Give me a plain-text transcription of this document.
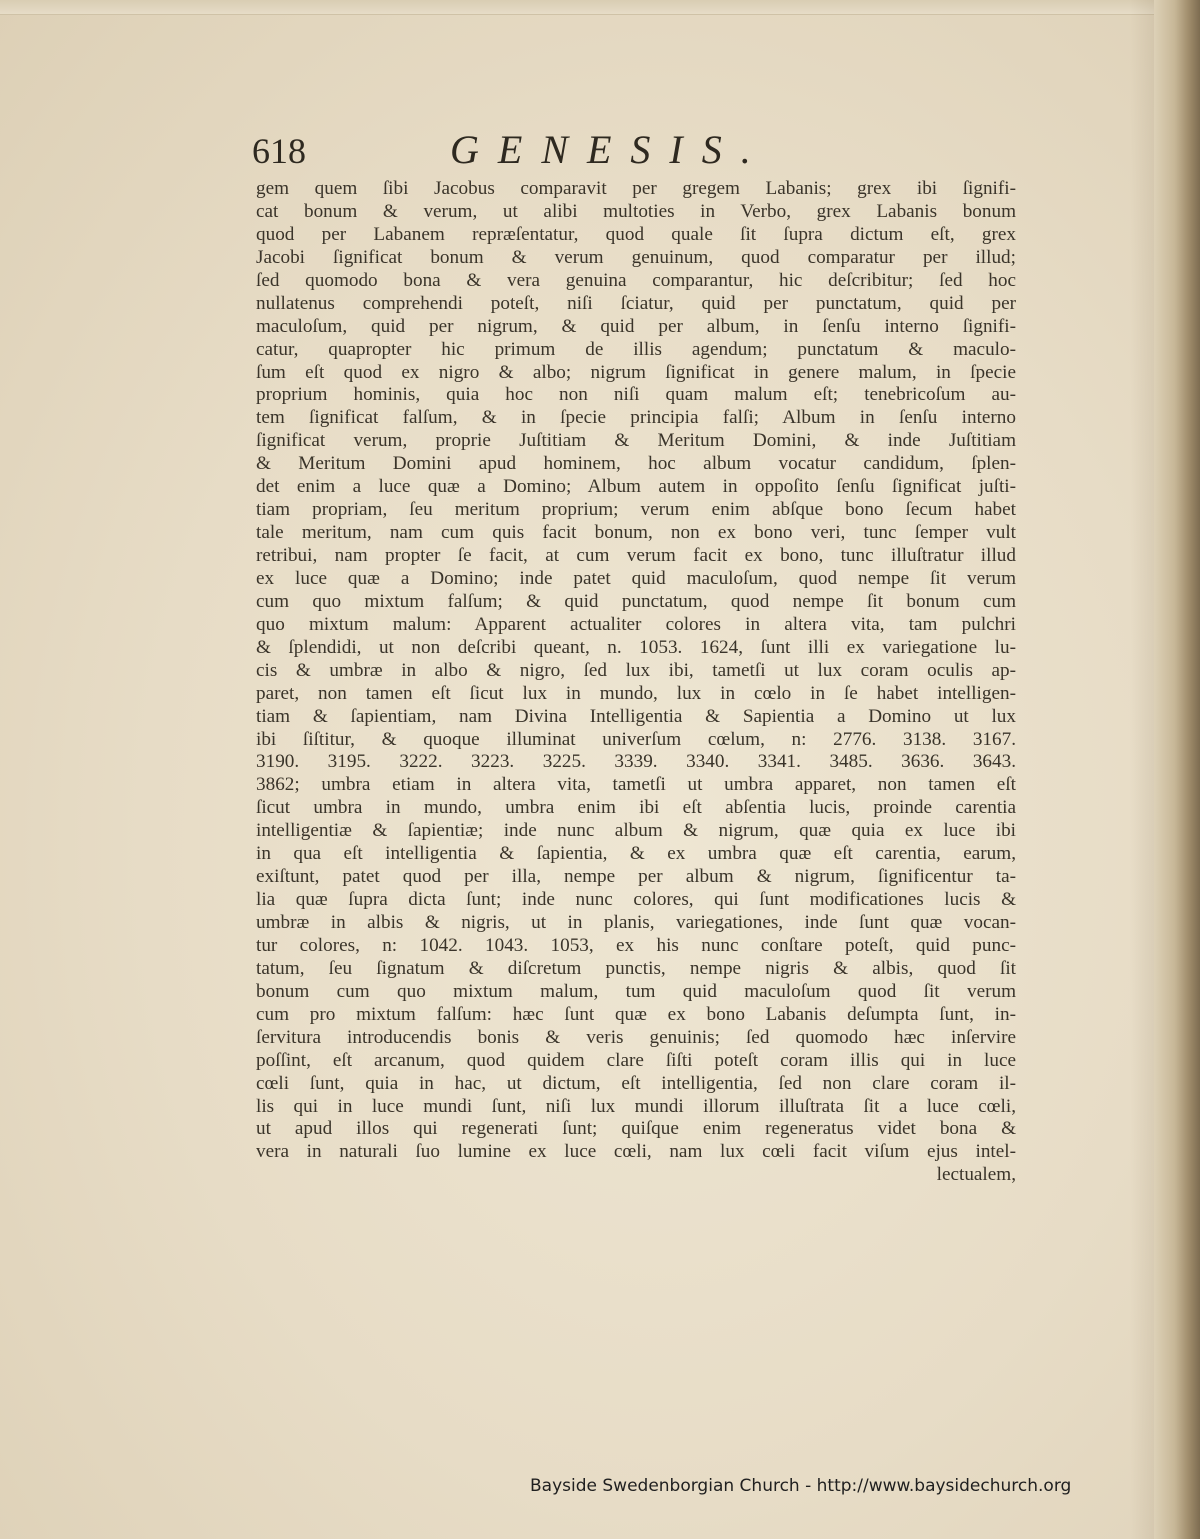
618	GENESIS.
gem quem ſibi Jacobus comparavit per gregem Labanis; grex ibi ſignifi-
cat bonum & verum, ut alibi multoties in Verbo, grex Labanis bonum
quod per Labanem repræſentatur, quod quale ſit ſupra dictum eſt, grex
Jacobi ſignificat bonum & verum genuinum, quod comparatur per illud;
ſed quomodo bona & vera genuina comparantur, hic deſcribitur; ſed hoc
nullatenus comprehendi poteſt, niſi ſciatur, quid per punctatum, quid per
maculoſum, quid per nigrum, & quid per album, in ſenſu interno ſignifi-
catur, quapropter hic primum de illis agendum; punctatum & maculo-
ſum eſt quod ex nigro & albo; nigrum ſignificat in genere malum, in ſpecie
proprium hominis, quia hoc non niſi quam malum eſt; tenebricoſum au-
tem ſignificat falſum, & in ſpecie principia falſi; Album in ſenſu interno
ſignificat verum, proprie Juſtitiam & Meritum Domini, & inde Juſtitiam
& Meritum Domini apud hominem, hoc album vocatur candidum, ſplen-
det enim a luce quæ a Domino; Album autem in oppoſito ſenſu ſignificat juſti-
tiam propriam, ſeu meritum proprium; verum enim abſque bono ſecum habet
tale meritum, nam cum quis facit bonum, non ex bono veri, tunc ſemper vult
retribui, nam propter ſe facit, at cum verum facit ex bono, tunc illuſtratur illud
ex luce quæ a Domino; inde patet quid maculoſum, quod nempe ſit verum
cum quo mixtum falſum; & quid punctatum, quod nempe ſit bonum cum
quo mixtum malum: Apparent actualiter colores in altera vita, tam pulchri
& ſplendidi, ut non deſcribi queant, n. 1053. 1624, ſunt illi ex variegatione lu-
cis & umbræ in albo & nigro, ſed lux ibi, tametſi ut lux coram oculis ap-
paret, non tamen eſt ſicut lux in mundo, lux in cœlo in ſe habet intelligen-
tiam & ſapientiam, nam Divina Intelligentia & Sapientia a Domino ut lux
ibi ſiſtitur, & quoque illuminat univerſum cœlum, n: 2776. 3138. 3167.
3190. 3195. 3222. 3223. 3225. 3339. 3340. 3341. 3485. 3636. 3643.
3862; umbra etiam in altera vita, tametſi ut umbra apparet, non tamen eſt
ſicut umbra in mundo, umbra enim ibi eſt abſentia lucis, proinde carentia
intelligentiæ & ſapientiæ; inde nunc album & nigrum, quæ quia ex luce ibi
in qua eſt intelligentia & ſapientia, & ex umbra quæ eſt carentia, earum,
exiſtunt, patet quod per illa, nempe per album & nigrum, ſignificentur ta-
lia quæ ſupra dicta ſunt; inde nunc colores, qui ſunt modificationes lucis &
umbræ in albis & nigris, ut in planis, variegationes, inde ſunt quæ vocan-
tur colores, n: 1042. 1043. 1053, ex his nunc conſtare poteſt, quid punc-
tatum, ſeu ſignatum & diſcretum punctis, nempe nigris & albis, quod ſit
bonum cum quo mixtum malum, tum quid maculoſum quod ſit verum
cum pro mixtum falſum: hæc ſunt quæ ex bono Labanis deſumpta ſunt, in-
ſervitura introducendis bonis & veris genuinis; ſed quomodo hæc inſervire
poſſint, eſt arcanum, quod quidem clare ſiſti poteſt coram illis qui in luce
cœli ſunt, quia in hac, ut dictum, eſt intelligentia, ſed non clare coram il-
lis qui in luce mundi ſunt, niſi lux mundi illorum illuſtrata ſit a luce cœli,
ut apud illos qui regenerati ſunt; quiſque enim regeneratus videt bona &
vera in naturali ſuo lumine ex luce cœli, nam lux cœli facit viſum ejus intel-
lectualem,
Bayside Swedenborgian Church - http://www.baysidechurch.org
